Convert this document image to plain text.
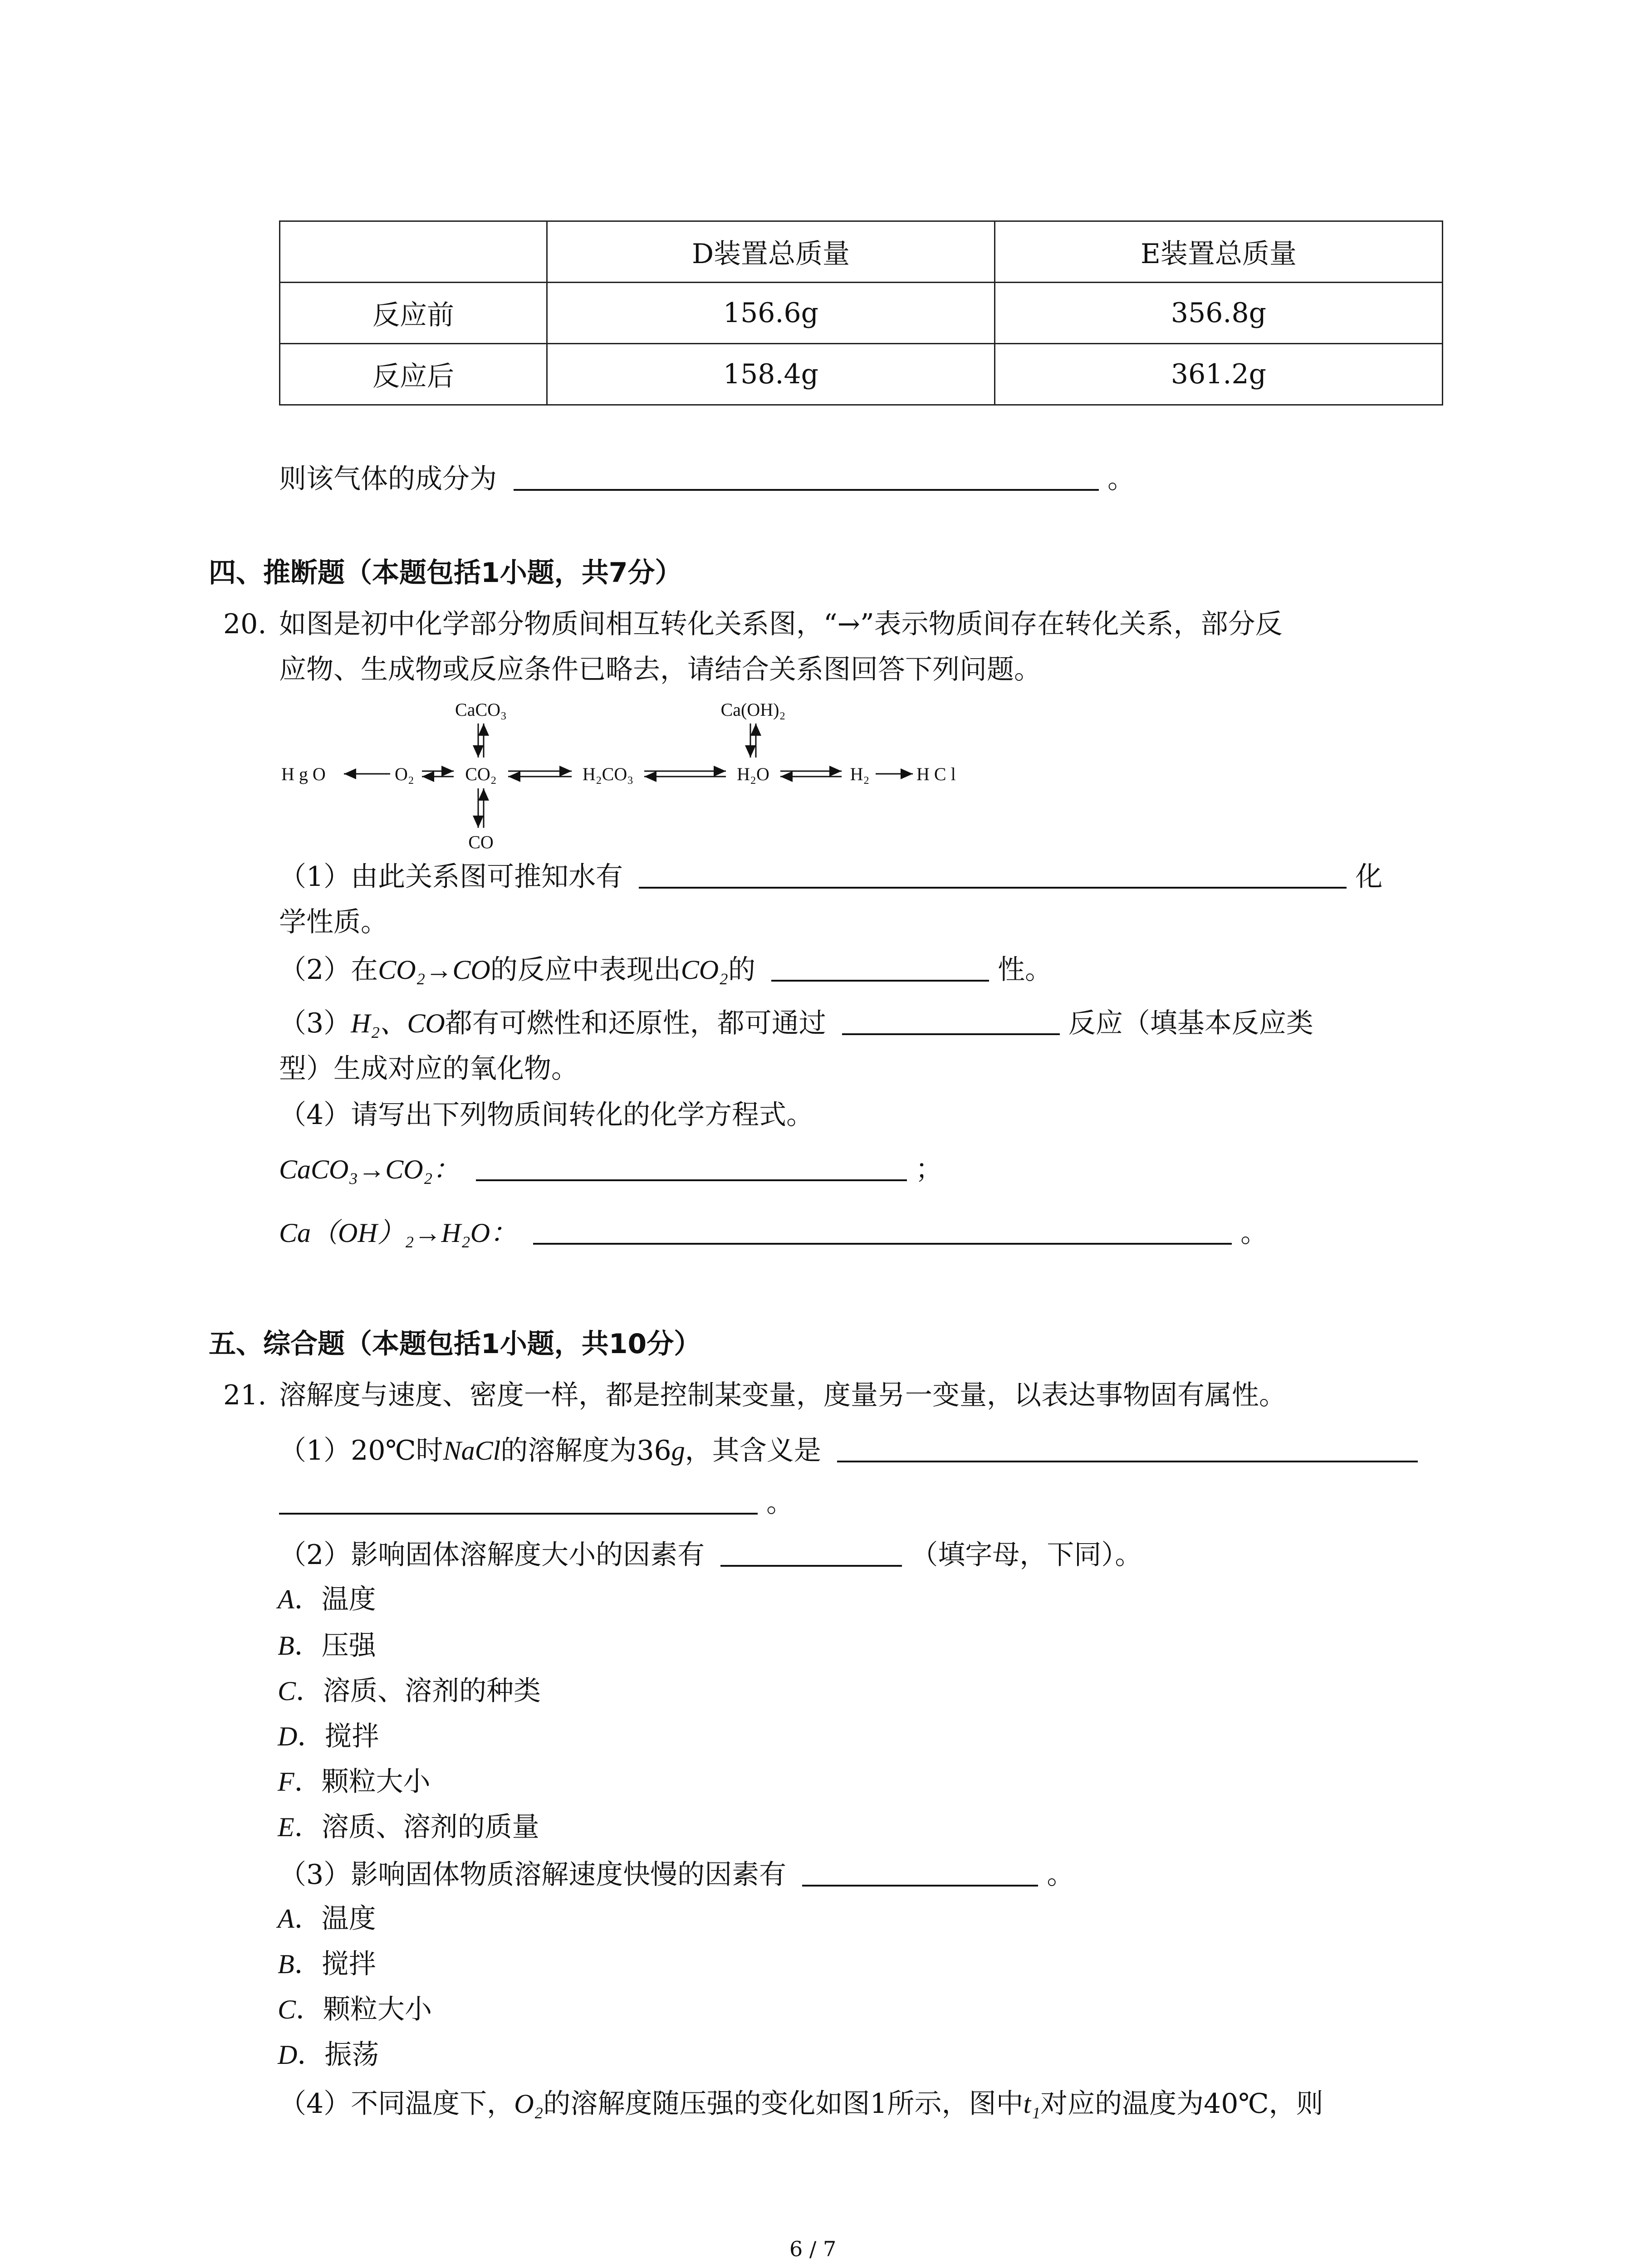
	D装置总质量	E装置总质量
反应前	156.6g	356.8g
反应后	158.4g	361.2g
则该气体的成分为	。
四、推断题（本题包括1小题，共7分）
20. 如图是初中化学部分物质间相互转化关系图，“→”表示物质间存在转化关系，部分反
应物、生成物或反应条件已略去，请结合关系图回答下列问题。
CaCO₃	Ca(OH)₂
H g O	O₂	CO₂	H₂CO₃	H₂O	H₂	H C l
CO
（1）由此关系图可推知水有	化
学性质。
（2）在CO₂→CO的反应中表现出CO₂的	性。
（3）H₂、CO都有可燃性和还原性，都可通过	反应（填基本反应类
型）生成对应的氧化物。
（4）请写出下列物质间转化的化学方程式。
CaCO₃→CO₂：	；
Ca（OH）₂→H₂O：	。
五、综合题（本题包括1小题，共10分）
21. 溶解度与速度、密度一样，都是控制某变量，度量另一变量，以表达事物固有属性。
（1）20℃时NaCl的溶解度为36g，其含义是
。
（2）影响固体溶解度大小的因素有	（填字母，下同）。
A．温度
B．压强
C．溶质、溶剂的种类
D．搅拌
F．颗粒大小
E．溶质、溶剂的质量
（3）影响固体物质溶解速度快慢的因素有	。
A．温度
B．搅拌
C．颗粒大小
D．振荡
（4）不同温度下，O₂的溶解度随压强的变化如图1所示，图中t₁对应的温度为40℃，则
6 / 7
